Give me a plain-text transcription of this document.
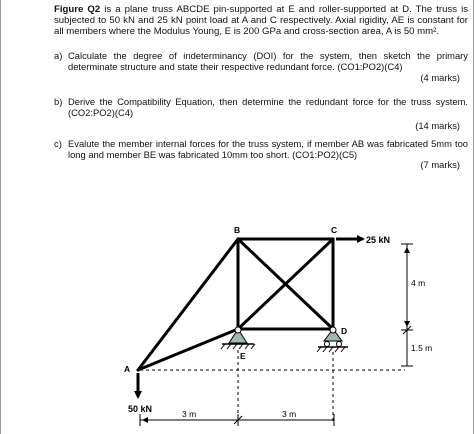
Figure Q2 is a plane truss ABCDE pin-supported at E and roller-supported at D. The truss is subjected to 50 kN and 25 kN point load at A and C respectively. Axial rigidity, AE is constant for all members where the Modulus Young, E is 200 GPa and cross-section area, A is 50 mm².
a) Calculate the degree of indeterminancy (DOI) for the system, then sketch the primary determinate structure and state their respective redundant force. (CO1:PO2)(C4)
(4 marks)
b) Derive the Compatibility Equation, then determine the redundant force for the truss system.(CO2:PO2)(C4)
(14 marks)
c) Evalute the member internal forces for the truss system, if member AB was fabricated 5mm too long and member BE was fabricated 10mm too short. (CO1:PO2)(C5)
(7 marks)
B	C
D
E
A
25 kN
50 kN
4 m
1.5 m
3 m	3 m
